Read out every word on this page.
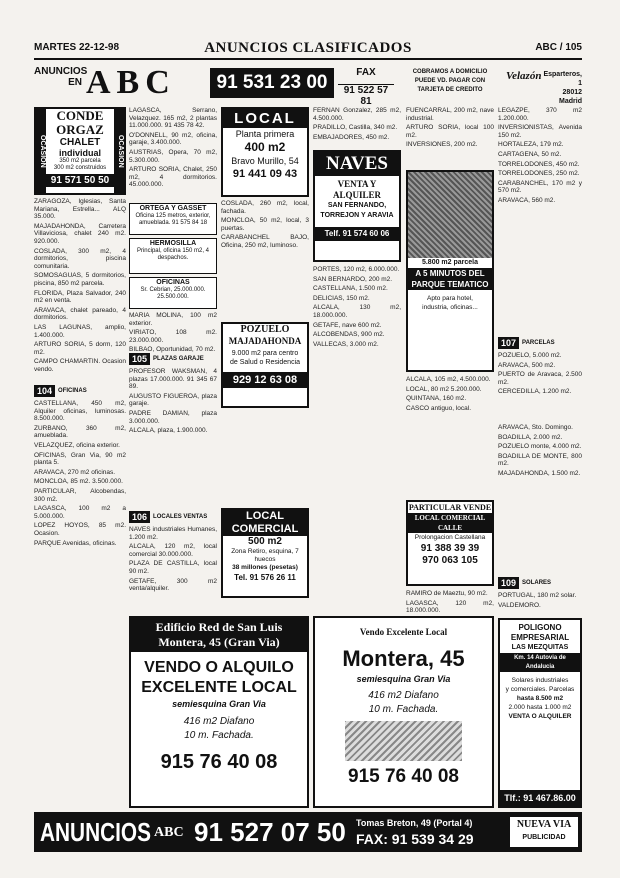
MARTES 22-12-98	ANUNCIOS CLASIFICADOS	ABC / 105
ANUNCIOS
EN ABC	91 531 23 00	FAX
91 522 57 81
COBRAMOS A DOMICILIO
PUEDE VD. PAGAR CON
TARJETA DE CREDITO
Velazón Esparteros, 1
28012 Madrid
OCASION	OCASION
CONDE
ORGAZ
CHALET
individual
350 m2 parcela
300 m2 construidos
91 571 50 50

ZARAGOZA, Iglesias, Santa Mariana, Estrella... ALQ 35.000.

MAJADAHONDA, Carretera Villaviciosa, chalet 240 m2. 920.000.

COSLADA, 300 m2, 4 dormitorios, piscina comunitaria.

SOMOSAGUAS, 5 dormitorios, piscina, 850 m2 parcela.

FLORIDA, Plaza Salvador, 240 m2 en venta.

ARAVACA, chalet pareado, 4 dormitorios.

LAS LAGUNAS, amplio, 1.400.000.

ARTURO SORIA, 5 dorm, 120 m2.

CAMPO CHAMARTIN. Ocasion vendo.

104	OFICINAS

CASTELLANA, 450 m2, Alquiler oficinas, luminosas. 8.500.000.

ZURBANO, 360 m2, amueblada.

VELAZQUEZ, oficina exterior.

OFICINAS, Gran Via, 90 m2 planta 5.

ARAVACA, 270 m2 oficinas.

MONCLOA, 85 m2. 3.500.000.

PARTICULAR, Alcobendas, 300 m2.

LAGASCA, 100 m2 a 5.000.000.

LOPEZ HOYOS, 85 m2. Ocasion.

PARQUE Avenidas, oficinas.

LAGASCA, Serrano, Velazquez. 165 m2, 2 plantas 11.000.000. 91 435 78 42.

O'DONNELL, 90 m2, oficina, garaje, 3.400.000.

AUSTRIAS, Opera, 70 m2, 5.300.000.

ARTURO SORIA, Chalet, 250 m2, 4 dormitorios. 45.000.000.

ORTEGA Y GASSET
Oficina 125 metros, exterior, amueblada. 91 575 84 18
HERMOSILLA
Principal, oficina 150 m2, 4 despachos.
OFICINAS
Sr. Cebrian, 25.000.000. 25.500.000.

MARIA MOLINA, 100 m2 exterior.

VIRIATO, 108 m2. 23.000.000.

BILBAO, Oportunidad, 70 m2.

105	PLAZAS GARAJE

PROFESOR WAKSMAN, 4 plazas 17.000.000. 91 345 67 89.

AUGUSTO FIGUEROA, plaza garaje.

PADRE DAMIAN, plaza 3.000.000.

ALCALA, plaza, 1.900.000.

106	LOCALES VENTAS

NAVES industriales Humanes, 1.200 m2.

ALCALA, 120 m2, local comercial 30.000.000.

PLAZA DE CASTILLA, local 90 m2.

GETAFE, 300 m2 venta/alquiler.

LOCAL
Planta primera
400 m2
Bravo Murillo, 54
91 441 09 43

COSLADA, 260 m2, local, fachada.

MONCLOA, 50 m2, local, 3 puertas.

CARABANCHEL BAJO, Oficina, 250 m2, luminoso.

POZUELO
MAJADAHONDA
9.000 m2 para centro de Salud o Residencia
929 12 63 08
LOCAL
COMERCIAL
500 m2
Zona Retiro, esquina, 7 huecos
38 millones (pesetas)
Tel. 91 576 26 11

FERNAN Gonzalez, 285 m2, 4.500.000.

PRADILLO, Castilla, 340 m2.

EMBAJADORES, 450 m2.

NAVES
VENTA Y
ALQUILER
SAN FERNANDO,
TORREJON Y ARAVIA
Telf. 91 574 60 06

PORTES, 120 m2, 6.000.000.

SAN BERNARDO, 200 m2.

CASTELLANA, 1.500 m2.

DELICIAS, 150 m2.

ALCALA, 130 m2, 18.000.000.

GETAFE, nave 600 m2.

ALCOBENDAS, 900 m2.

VALLECAS, 3.000 m2.

FUENCARRAL, 200 m2, nave industrial.

ARTURO SORIA, local 100 m2.

INVERSIONES, 200 m2.

5.800 m2 parcela
A 5 MINUTOS DEL
PARQUE TEMATICO
Apto para hotel,
industria, oficinas...

ALCALA, 105 m2, 4.500.000.

LOCAL, 80 m2 5.200.000.

QUINTANA, 160 m2.

CASCO antiguo, local.

PARTICULAR VENDE
LOCAL COMERCIAL
CALLE
Prolongacion Castellana
91 388 39 39
970 063 105

RAMIRO de Maeztu, 90 m2.

LAGASCA, 120 m2, 18.000.000.

LEGAZPE, 370 m2 1.200.000.

INVERSIONISTAS, Avenida 150 m2.

HORTALEZA, 179 m2.

CARTAGENA, 50 m2.

TORRELODONES, 450 m2.

TORRELODONES, 250 m2.

CARABANCHEL, 170 m2 y 570 m2.

ARAVACA, 560 m2.

107	PARCELAS

POZUELO, 5.000 m2.

ARAVACA, 500 m2.

PUERTO de Aravaca, 2.500 m2.

CERCEDILLA, 1.200 m2.

ARAVACA, Sto. Domingo.

BOADILLA, 2.000 m2.

POZUELO monte, 4.000 m2.

BOADILLA DE MONTE, 800 m2.

MAJADAHONDA, 1.500 m2.

109	SOLARES

PORTUGAL, 180 m2 solar.

VALDEMORO.

Edificio Red de San Luis
Montera, 45 (Gran Via)
VENDO O ALQUILO
EXCELENTE LOCAL
semiesquina Gran Via
416 m2 Diafano
10 m. Fachada.
915 76 40 08
Vendo Excelente Local
Montera, 45
semiesquina Gran Via
416 m2 Diafano
10 m. Fachada.
915 76 40 08
POLIGONO
EMPRESARIAL
LAS MEZQUITAS
Km. 14 Autovia de Andalucia
Solares industriales
y comerciales. Parcelas
hasta 8.500 m2
2.000 hasta 1.000 m2
VENTA O ALQUILER
Tlf.: 91 467.86.00
ANUNCIOS ABC 91 527 07 50 Tomas Breton, 49 (Portal 4)
FAX: 91 539 34 29
NUEVA VIA
PUBLICIDAD
